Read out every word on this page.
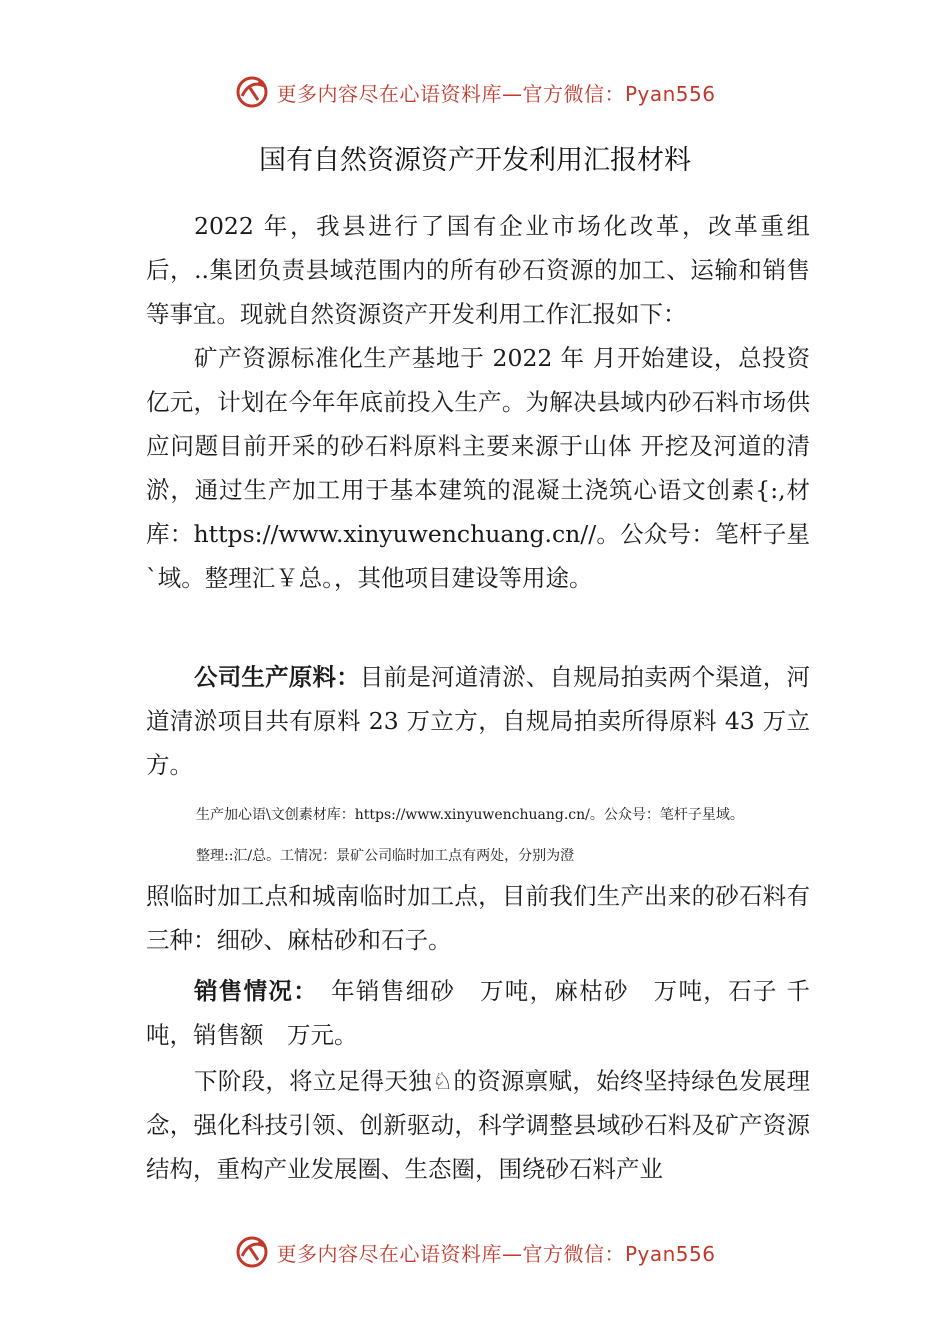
更多内容尽在心语资料库—官方微信：Pyan556
国有自然资源资产开发利用汇报材料

2022 年，我县进行了国有企业市场化改革，改革重组后，..集团负责县域范围内的所有砂石资源的加工、运输和销售等事宜。现就自然资源资产开发利用工作汇报如下：

矿产资源标准化生产基地于 2022 年 月开始建设，总投资　亿元，计划在今年年底前投入生产。为解决县域内砂石料市场供应问题目前开采的砂石料原料主要来源于山体 开挖及河道的清淤，通过生产加工用于基本建筑的混凝土浇筑心语文创素{:,材库：https://www.xinyuwenchuang.cn//。公众号：笔杆子星`域。整理汇￥总。，其他项目建设等用途。

公司生产原料：目前是河道清淤、自规局拍卖两个渠道，河道清淤项目共有原料 23 万立方，自规局拍卖所得原料 43 万立方。

生产加心语\文创素材库：https://www.xinyuwenchuang.cn/。公众号：笔杆子星域。

整理::汇/总。工情况：景矿公司临时加工点有两处，分别为澄

照临时加工点和城南临时加工点，目前我们生产出来的砂石料有三种：细砂、麻枯砂和石子。

销售情况：　年销售细砂　万吨，麻枯砂　万吨，石子 千吨，销售额　万元。

下阶段，将立足得天独♘的资源禀赋，始终坚持绿色发展理念，强化科技引领、创新驱动，科学调整县域砂石料及矿产资源结构，重构产业发展圈、生态圈，围绕砂石料产业

更多内容尽在心语资料库—官方微信：Pyan556
